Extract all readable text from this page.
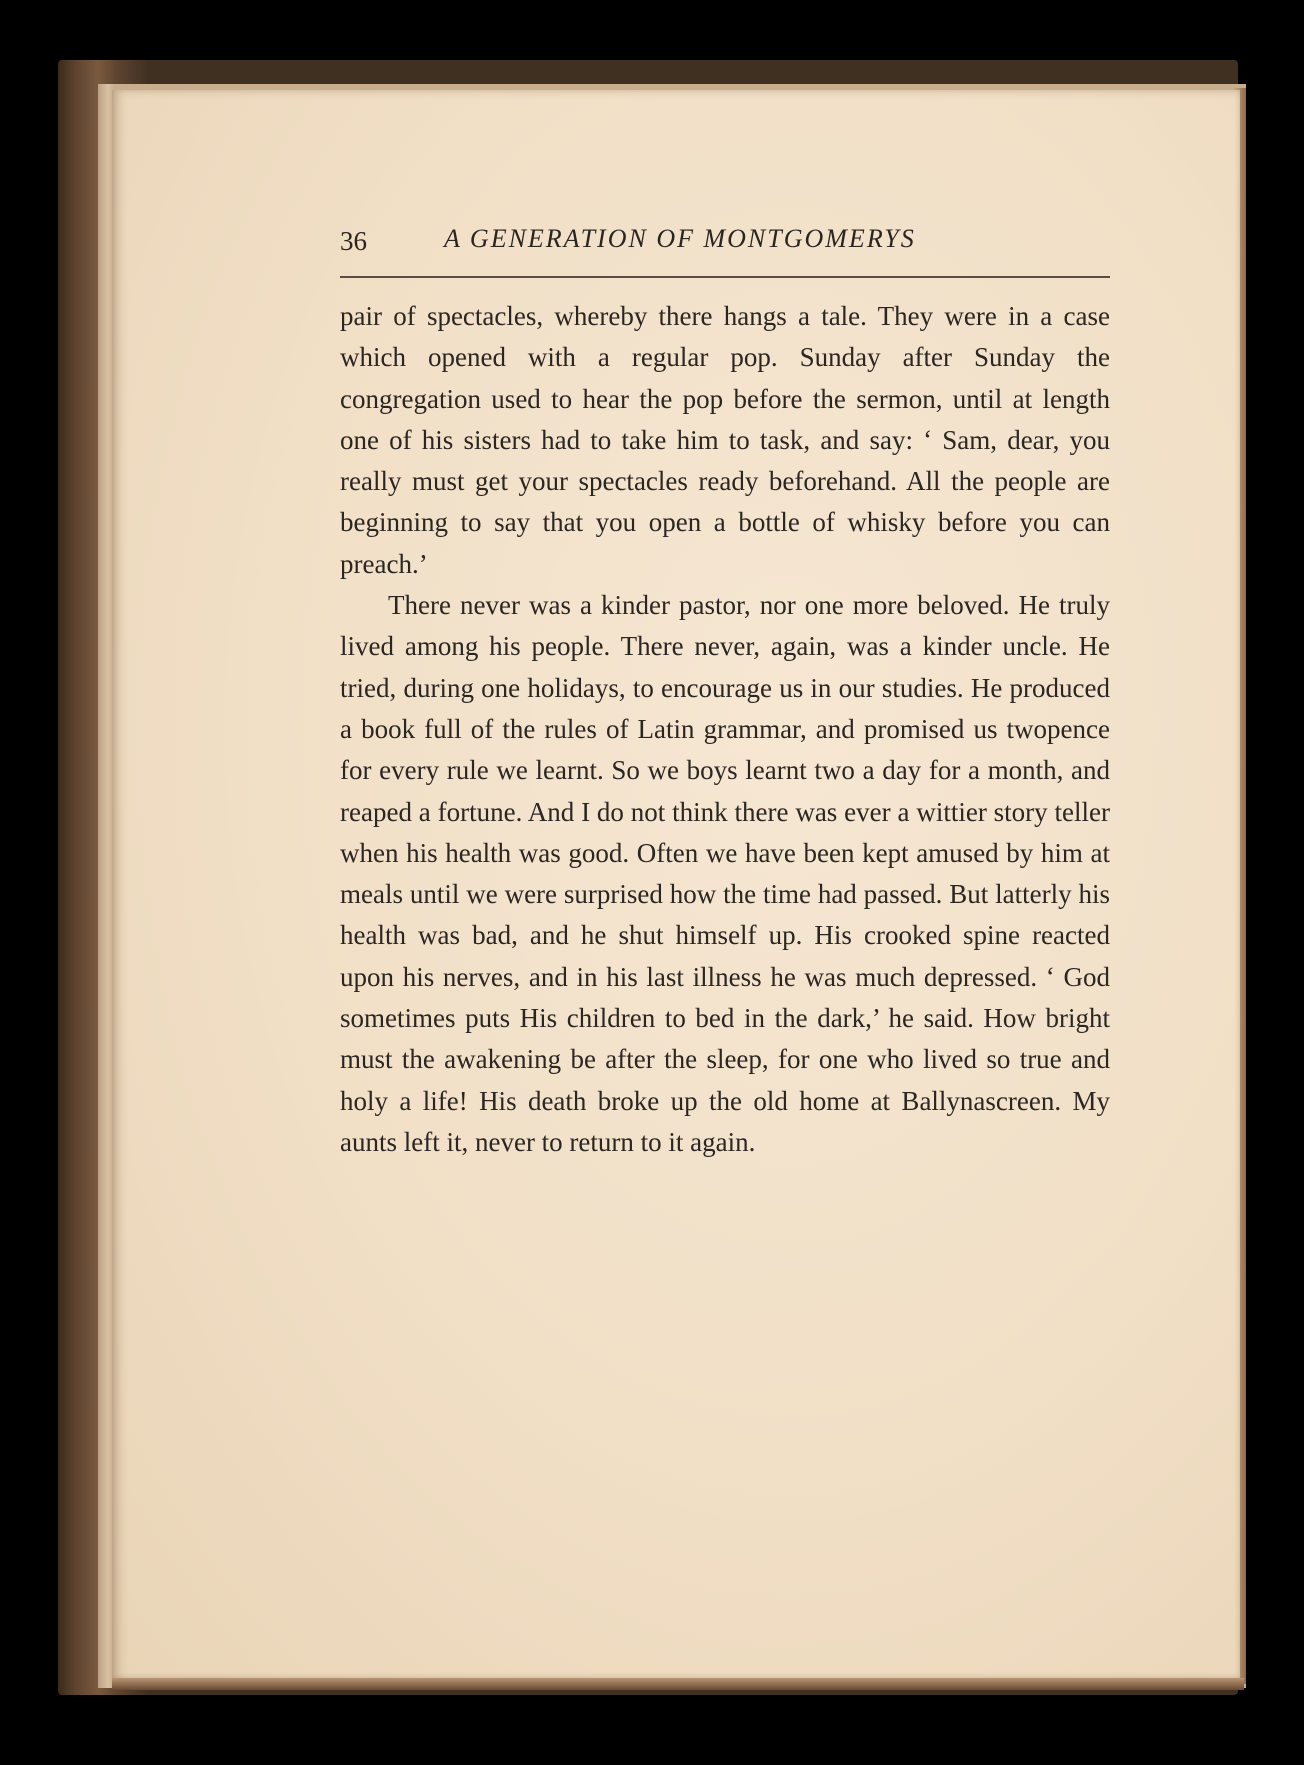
36	A GENERATION OF MONTGOMERYS

pair of spectacles, whereby there hangs a tale. They were in a case which opened with a regular pop. Sunday after Sunday the congregation used to hear the pop before the sermon, until at length one of his sisters had to take him to task, and say: ‘ Sam, dear, you really must get your spectacles ready beforehand. All the people are beginning to say that you open a bottle of whisky before you can preach.’

There never was a kinder pastor, nor one more beloved. He truly lived among his people. There never, again, was a kinder uncle. He tried, during one holidays, to encourage us in our studies. He produced a book full of the rules of Latin grammar, and promised us twopence for every rule we learnt. So we boys learnt two a day for a month, and reaped a fortune. And I do not think there was ever a wittier story teller when his health was good. Often we have been kept amused by him at meals until we were surprised how the time had passed. But latterly his health was bad, and he shut himself up. His crooked spine reacted upon his nerves, and in his last illness he was much depressed. ‘ God sometimes puts His children to bed in the dark,’ he said. How bright must the awakening be after the sleep, for one who lived so true and holy a life! His death broke up the old home at Ballynascreen. My aunts left it, never to return to it again.
